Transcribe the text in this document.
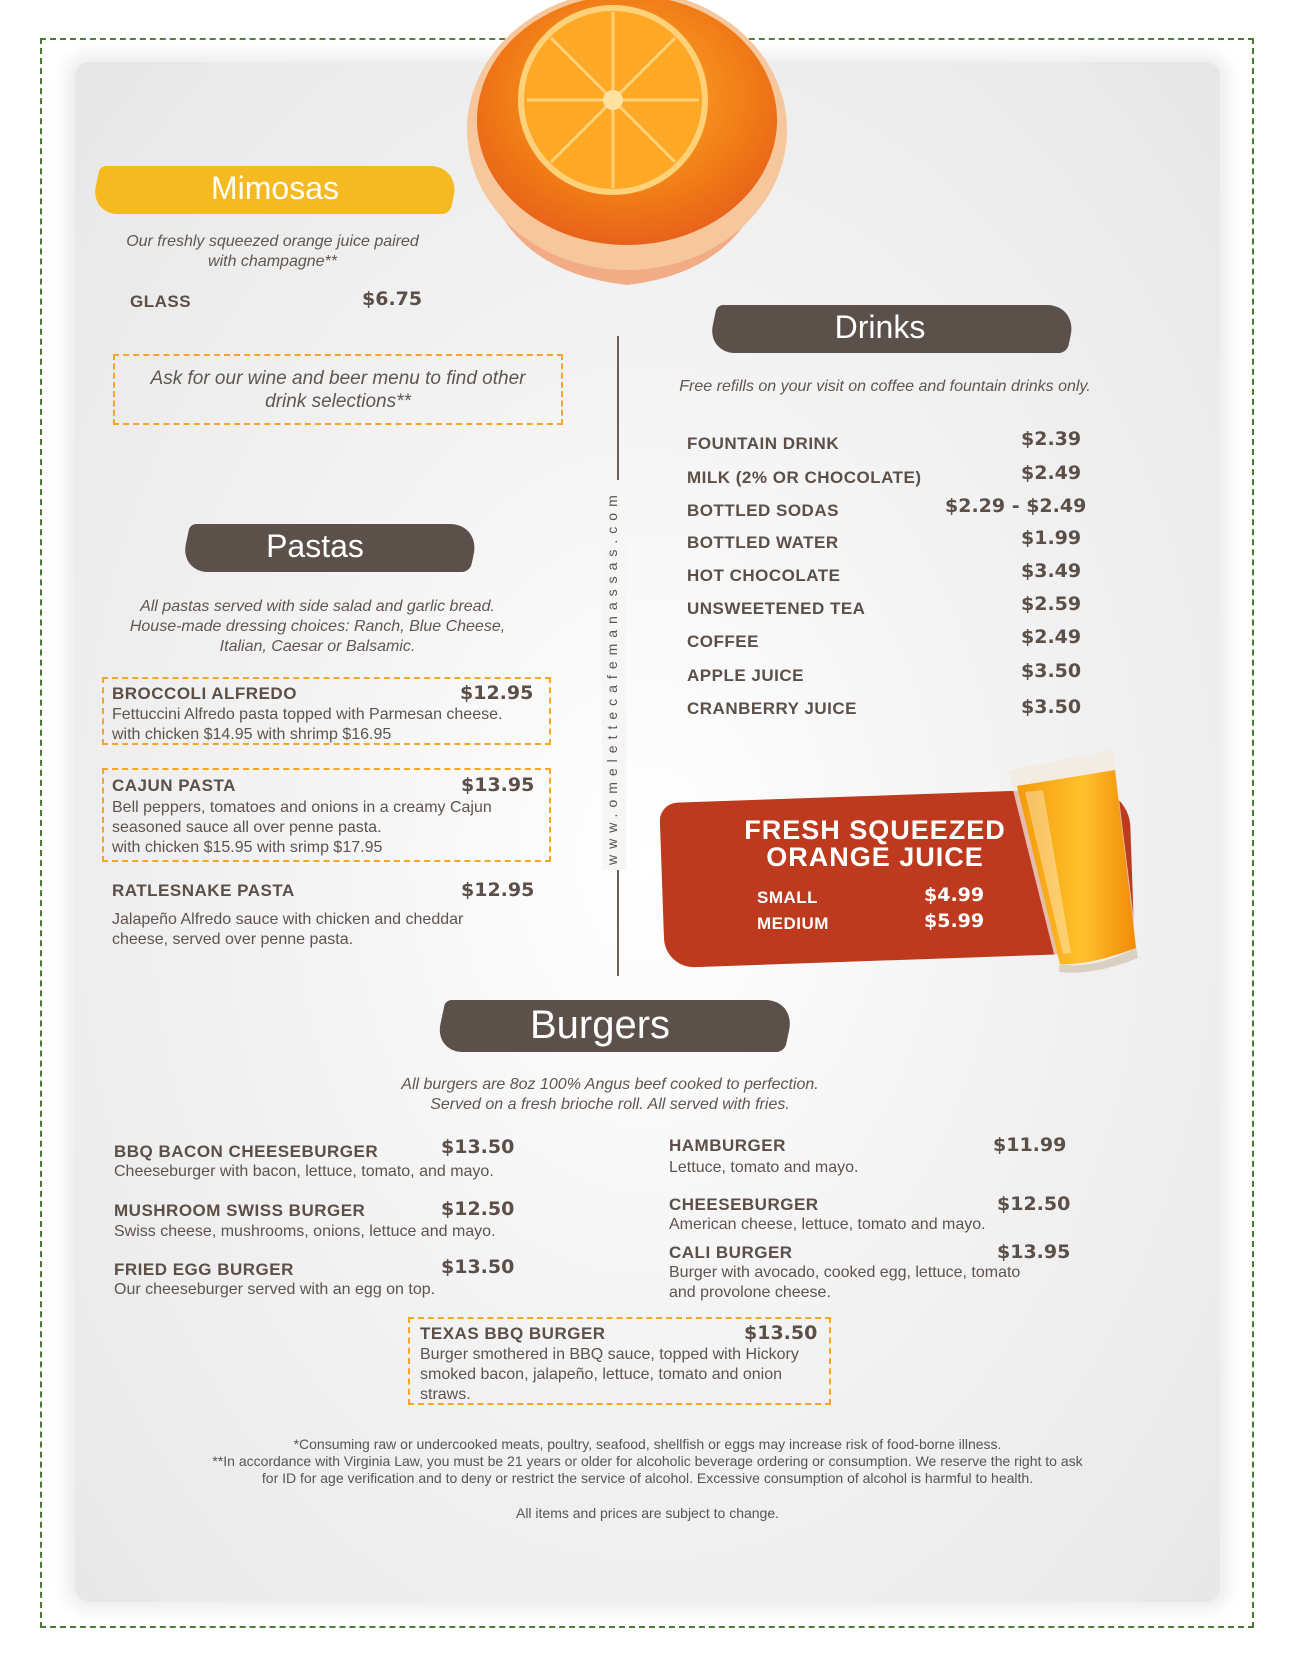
Mimosas
Our freshly squeezed orange juice paired
with champagne**
GLASS	$6.75
Ask for our wine and beer menu to find other
drink selections**
Pastas
All pastas served with side salad and garlic bread.
House-made dressing choices: Ranch, Blue Cheese,
Italian, Caesar or Balsamic.
BROCCOLI ALFREDO	$12.95
Fettuccini Alfredo pasta topped with Parmesan cheese.
with chicken $14.95 with shrimp $16.95
CAJUN PASTA	$13.95
Bell peppers, tomatoes and onions in a creamy Cajun
seasoned sauce all over penne pasta.
with chicken $15.95 with srimp $17.95
RATLESNAKE PASTA	$12.95
Jalapeño Alfredo sauce with chicken and cheddar
cheese, served over penne pasta.
www.omelettecafemanassas.com
Drinks
Free refills on your visit on coffee and fountain drinks only.
FOUNTAIN DRINK	$2.39
MILK (2% OR CHOCOLATE)	$2.49
BOTTLED SODAS	$2.29 - $2.49
BOTTLED WATER	$1.99
HOT CHOCOLATE	$3.49
UNSWEETENED TEA	$2.59
COFFEE	$2.49
APPLE JUICE	$3.50
CRANBERRY JUICE	$3.50
FRESH SQUEEZED
ORANGE JUICE
SMALL	$4.99
MEDIUM	$5.99
Burgers
All burgers are 8oz 100% Angus beef cooked to perfection.
Served on a fresh brioche roll. All served with fries.
BBQ BACON CHEESEBURGER	$13.50
Cheeseburger with bacon, lettuce, tomato, and mayo.
MUSHROOM SWISS BURGER	$12.50
Swiss cheese, mushrooms, onions, lettuce and mayo.
FRIED EGG BURGER	$13.50
Our cheeseburger served with an egg on top.
HAMBURGER	$11.99
Lettuce, tomato and mayo.
CHEESEBURGER	$12.50
American cheese, lettuce, tomato and mayo.
CALI BURGER	$13.95
Burger with avocado, cooked egg, lettuce, tomato
and provolone cheese.
TEXAS BBQ BURGER	$13.50
Burger smothered in BBQ sauce, topped with Hickory
smoked bacon, jalapeño, lettuce, tomato and onion
straws.
*Consuming raw or undercooked meats, poultry, seafood, shellfish or eggs may increase risk of food-borne illness.
**In accordance with Virginia Law, you must be 21 years or older for alcoholic beverage ordering or consumption. We reserve the right to ask
for ID for age verification and to deny or restrict the service of alcohol. Excessive consumption of alcohol is harmful to health.
All items and prices are subject to change.
